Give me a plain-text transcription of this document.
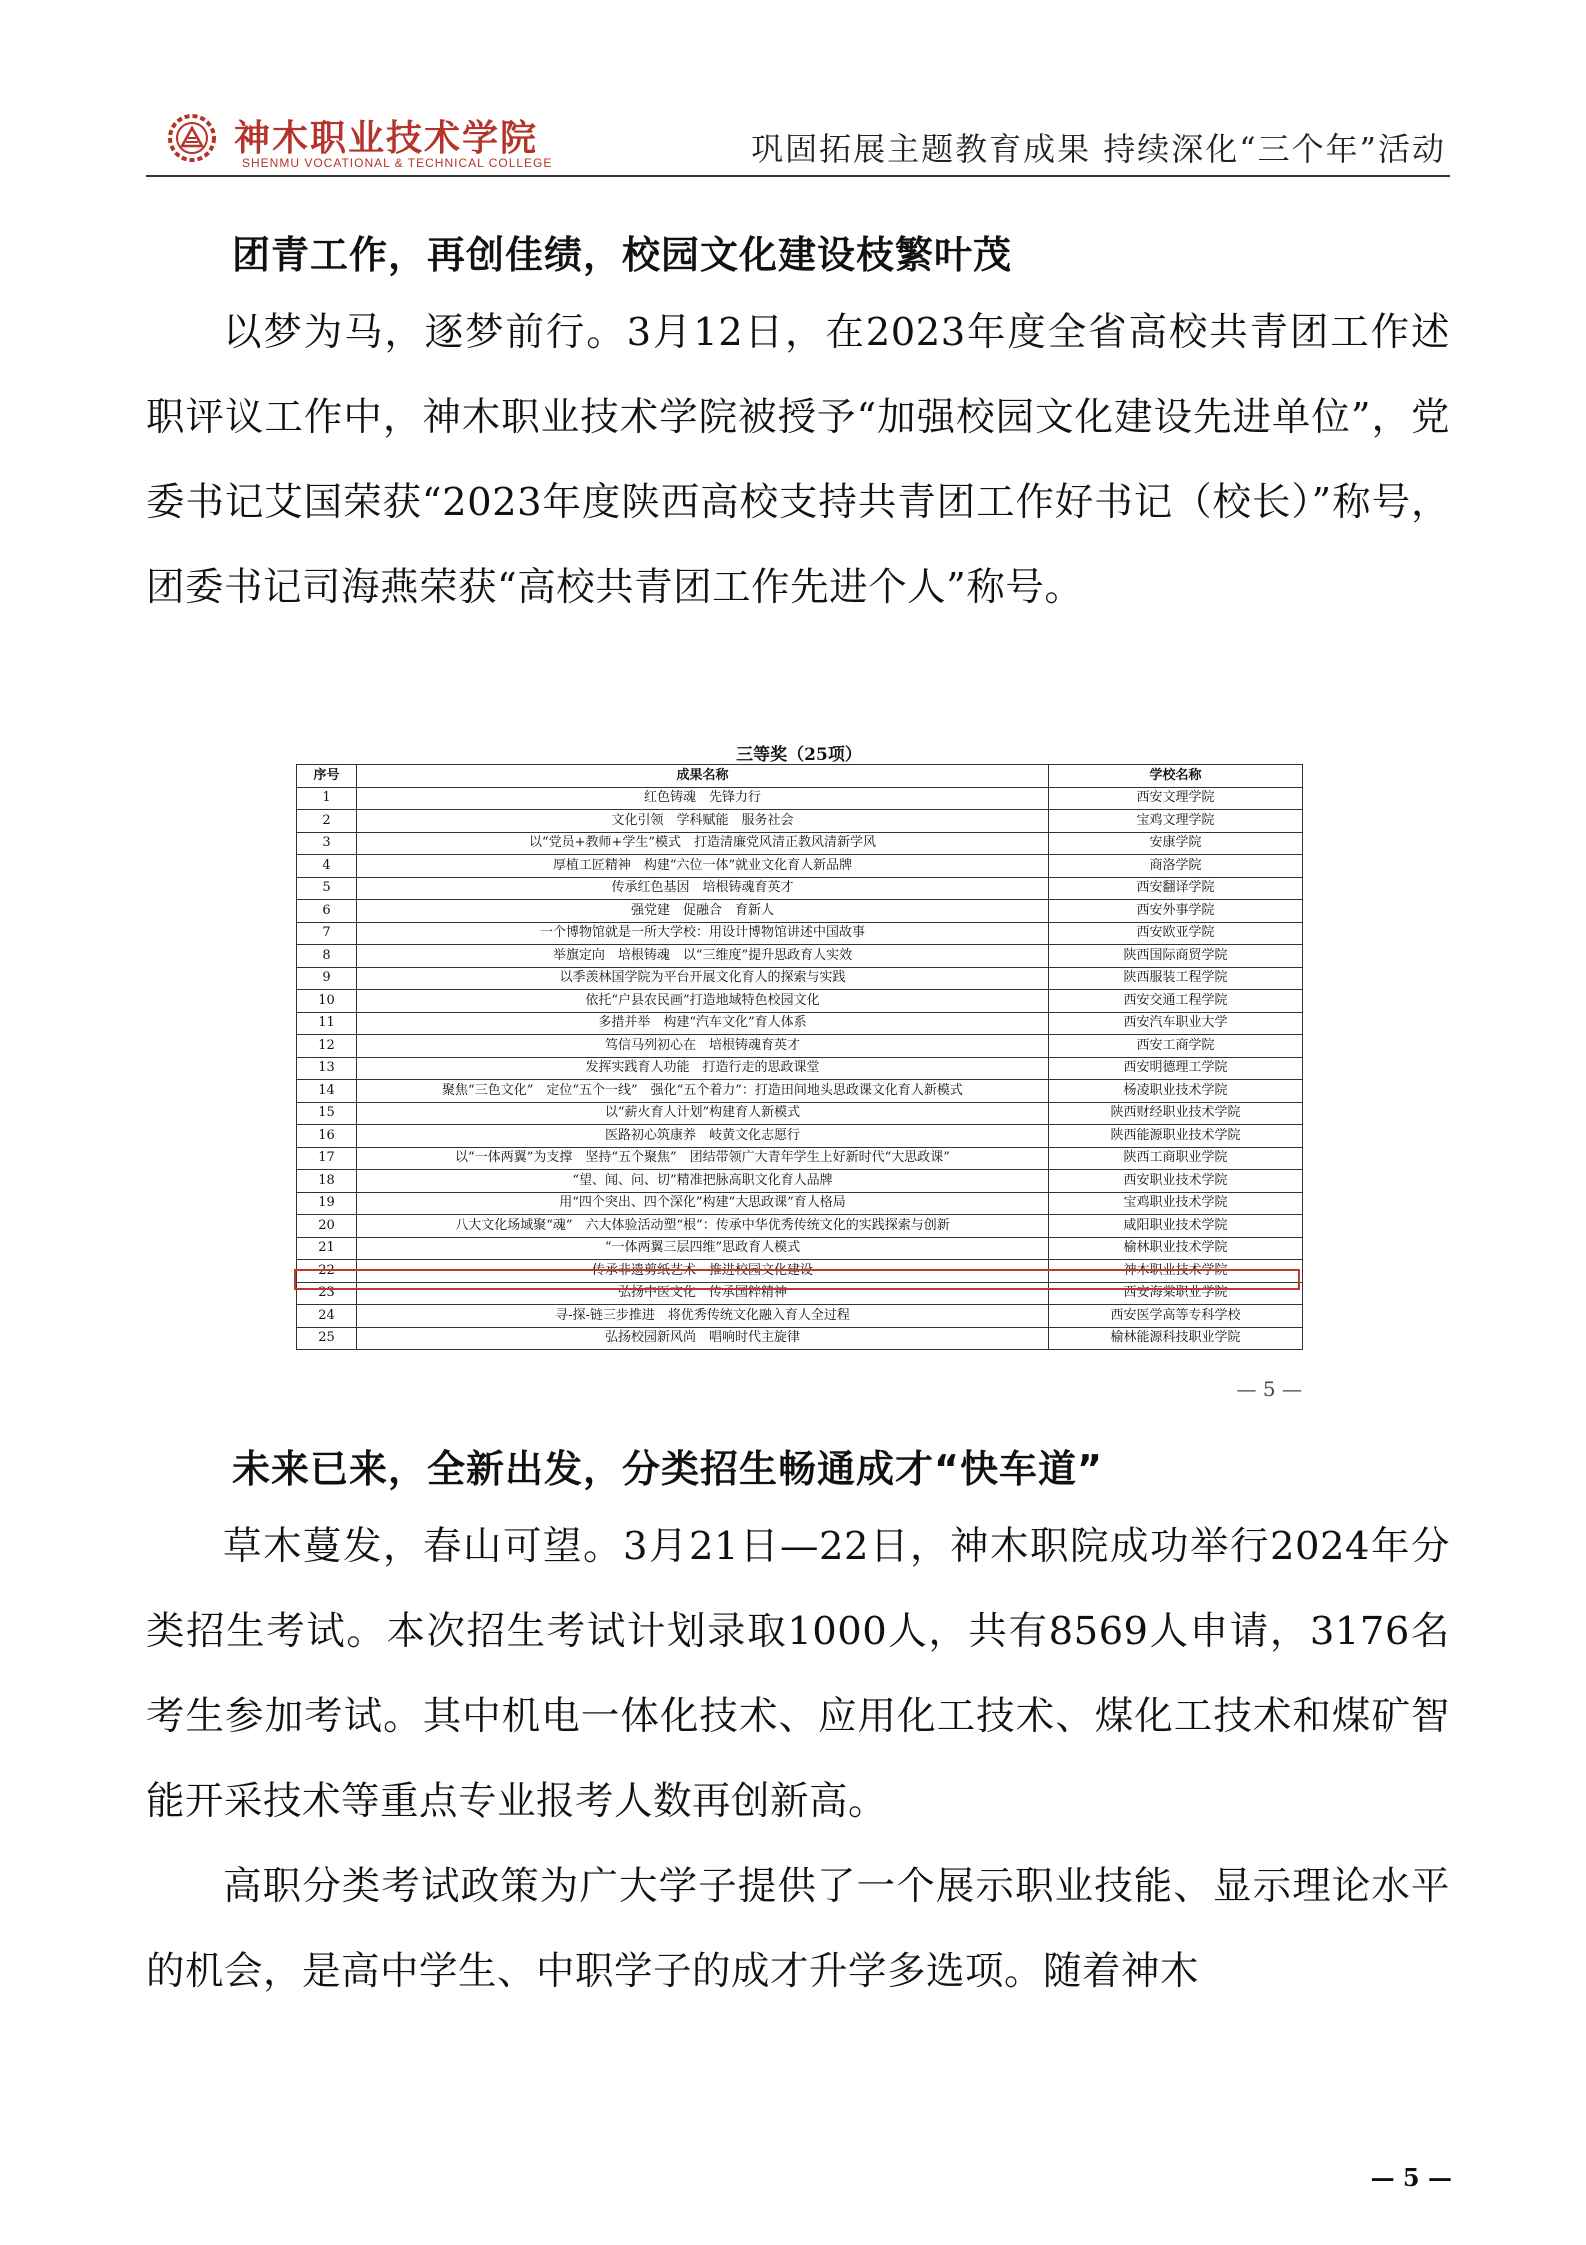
神木职业技术学院
SHENMU VOCATIONAL & TECHNICAL COLLEGE	巩固拓展主题教育成果 持续深化“三个年”活动
团青工作，再创佳绩，校园文化建设枝繁叶茂

以梦为马，逐梦前行。3月12日，在2023年度全省高校共青团工作述职评议工作中，神木职业技术学院被授予“加强校园文化建设先进单位”，党委书记艾国荣获“2023年度陕西高校支持共青团工作好书记（校长）”称号，团委书记司海燕荣获“高校共青团工作先进个人”称号。

三等奖（25项）
序号	成果名称	学校名称
1	红色铸魂　先锋力行	西安文理学院
2	文化引领　学科赋能　服务社会	宝鸡文理学院
3	以“党员+教师+学生”模式　打造清廉党风清正教风清新学风	安康学院
4	厚植工匠精神　构建“六位一体”就业文化育人新品牌	商洛学院
5	传承红色基因　培根铸魂育英才	西安翻译学院
6	强党建　促融合　育新人	西安外事学院
7	一个博物馆就是一所大学校：用设计博物馆讲述中国故事	西安欧亚学院
8	举旗定向　培根铸魂　以“三维度”提升思政育人实效	陕西国际商贸学院
9	以季羡林国学院为平台开展文化育人的探索与实践	陕西服装工程学院
10	依托“户县农民画”打造地域特色校园文化	西安交通工程学院
11	多措并举　构建“汽车文化”育人体系	西安汽车职业大学
12	笃信马列初心在　培根铸魂育英才	西安工商学院
13	发挥实践育人功能　打造行走的思政课堂	西安明德理工学院
14	聚焦“三色文化”　定位“五个一线”　强化“五个着力”：打造田间地头思政课文化育人新模式	杨凌职业技术学院
15	以“薪火育人计划”构建育人新模式	陕西财经职业技术学院
16	医路初心筑康养　岐黄文化志愿行	陕西能源职业技术学院
17	以“一体两翼”为支撑　坚持“五个聚焦”　团结带领广大青年学生上好新时代“大思政课”	陕西工商职业学院
18	“望、闻、问、切”精准把脉高职文化育人品牌	西安职业技术学院
19	用“四个突出、四个深化”构建“大思政课”育人格局	宝鸡职业技术学院
20	八大文化场域聚“魂”　六大体验活动塑“根”：传承中华优秀传统文化的实践探索与创新	咸阳职业技术学院
21	“一体两翼三层四维”思政育人模式	榆林职业技术学院
22	传承非遗剪纸艺术　推进校园文化建设	神木职业技术学院
23	弘扬中医文化　传承国粹精神	西安海棠职业学院
24	寻-探-链三步推进　将优秀传统文化融入育人全过程	西安医学高等专科学校
25	弘扬校园新风尚　唱响时代主旋律	榆林能源科技职业学院
— 5 —
未来已来，全新出发，分类招生畅通成才“快车道”

草木蔓发，春山可望。3月21日—22日，神木职院成功举行2024年分类招生考试。本次招生考试计划录取1000人，共有8569人申请，3176名考生参加考试。其中机电一体化技术、应用化工技术、煤化工技术和煤矿智能开采技术等重点专业报考人数再创新高。

高职分类考试政策为广大学子提供了一个展示职业技能、显示理论水平的机会，是高中学生、中职学子的成才升学多选项。随着神木

— 5 —
